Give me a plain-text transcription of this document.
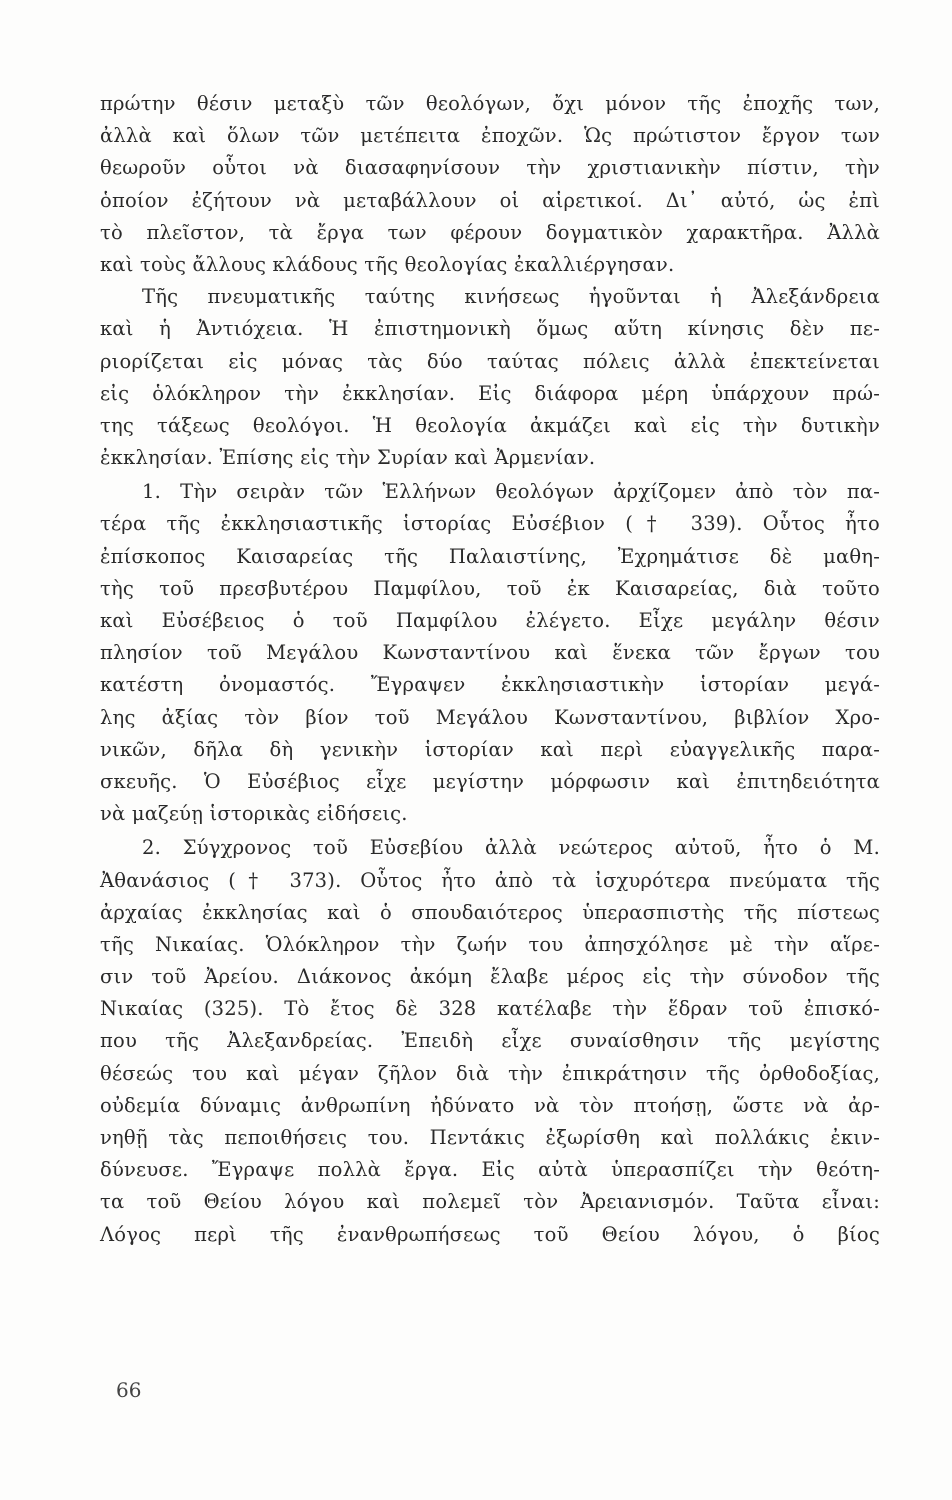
πρώτην θέσιν μεταξὺ τῶν θεολόγων, ὄχι μόνον τῆς ἐποχῆς των,
ἀλλὰ καὶ ὅλων τῶν μετέπειτα ἐποχῶν. Ὡς πρώτιστον ἔργον των
θεωροῦν οὗτοι νὰ διασαφηνίσουν τὴν χριστιανικὴν πίστιν, τὴν
ὁποίον ἐζήτουν νὰ μεταβάλλουν οἱ αἱρετικοί. Δι᾿ αὐτό, ὡς ἐπὶ
τὸ πλεῖστον, τὰ ἔργα των φέρουν δογματικὸν χαρακτῆρα. Ἀλλὰ
καὶ τοὺς ἄλλους κλάδους τῆς θεολογίας ἐκαλλιέργησαν.
Τῆς πνευματικῆς ταύτης κινήσεως ἡγοῦνται ἡ Ἀλεξάνδρεια
καὶ ἡ Ἀντιόχεια. Ἡ ἐπιστημονικὴ ὅμως αὕτη κίνησις δὲν πε-
ριορίζεται εἰς μόνας τὰς δύο ταύτας πόλεις ἀλλὰ ἐπεκτείνεται
εἰς ὁλόκληρον τὴν ἐκκλησίαν. Εἰς διάφορα μέρη ὑπάρχουν πρώ-
της τάξεως θεολόγοι. Ἡ θεολογία ἀκμάζει καὶ εἰς τὴν δυτικὴν
ἐκκλησίαν. Ἐπίσης εἰς τὴν Συρίαν καὶ Ἀρμενίαν.
1. Τὴν σειρὰν τῶν Ἑλλήνων θεολόγων ἀρχίζομεν ἀπὸ τὸν πα-
τέρα τῆς ἐκκλησιαστικῆς ἱστορίας Εὐσέβιον († 339). Οὗτος ἦτο
ἐπίσκοπος Καισαρείας τῆς Παλαιστίνης, Ἐχρημάτισε δὲ μαθη-
τὴς τοῦ πρεσβυτέρου Παμφίλου, τοῦ ἐκ Καισαρείας, διὰ τοῦτο
καὶ Εὐσέβειος ὁ τοῦ Παμφίλου ἐλέγετο. Εἶχε μεγάλην θέσιν
πλησίον τοῦ Μεγάλου Κωνσταντίνου καὶ ἕνεκα τῶν ἔργων του
κατέστη ὀνομαστός. Ἔγραψεν ἐκκλησιαστικὴν ἱστορίαν μεγά-
λης ἀξίας τὸν βίον τοῦ Μεγάλου Κωνσταντίνου, βιβλίον Χρο-
νικῶν, δῆλα δὴ γενικὴν ἱστορίαν καὶ περὶ εὐαγγελικῆς παρα-
σκευῆς. Ὁ Εὐσέβιος εἶχε μεγίστην μόρφωσιν καὶ ἐπιτηδειότητα
νὰ μαζεύῃ ἱστορικὰς εἰδήσεις.
2. Σύγχρονος τοῦ Εὐσεβίου ἀλλὰ νεώτερος αὐτοῦ, ἦτο ὁ Μ.
Ἀθανάσιος († 373). Οὗτος ἦτο ἀπὸ τὰ ἰσχυρότερα πνεύματα τῆς
ἀρχαίας ἐκκλησίας καὶ ὁ σπουδαιότερος ὑπερασπιστὴς τῆς πίστεως
τῆς Νικαίας. Ὁλόκληρον τὴν ζωήν του ἀπησχόλησε μὲ τὴν αἵρε-
σιν τοῦ Ἀρείου. Διάκονος ἀκόμη ἔλαβε μέρος εἰς τὴν σύνοδον τῆς
Νικαίας (325). Τὸ ἔτος δὲ 328 κατέλαβε τὴν ἕδραν τοῦ ἐπισκό-
που τῆς Ἀλεξανδρείας. Ἐπειδὴ εἶχε συναίσθησιν τῆς μεγίστης
θέσεώς του καὶ μέγαν ζῆλον διὰ τὴν ἐπικράτησιν τῆς ὀρθοδοξίας,
οὐδεμία δύναμις ἀνθρωπίνη ἠδύνατο νὰ τὸν πτοήσῃ, ὥστε νὰ ἀρ-
νηθῇ τὰς πεποιθήσεις του. Πεντάκις ἐξωρίσθη καὶ πολλάκις ἐκιν-
δύνευσε. Ἔγραψε πολλὰ ἔργα. Εἰς αὐτὰ ὑπερασπίζει τὴν θεότη-
τα τοῦ Θείου λόγου καὶ πολεμεῖ τὸν Ἀρειανισμόν. Ταῦτα εἶναι:
Λόγος περὶ τῆς ἐνανθρωπήσεως τοῦ Θείου λόγου, ὁ βίος
66
